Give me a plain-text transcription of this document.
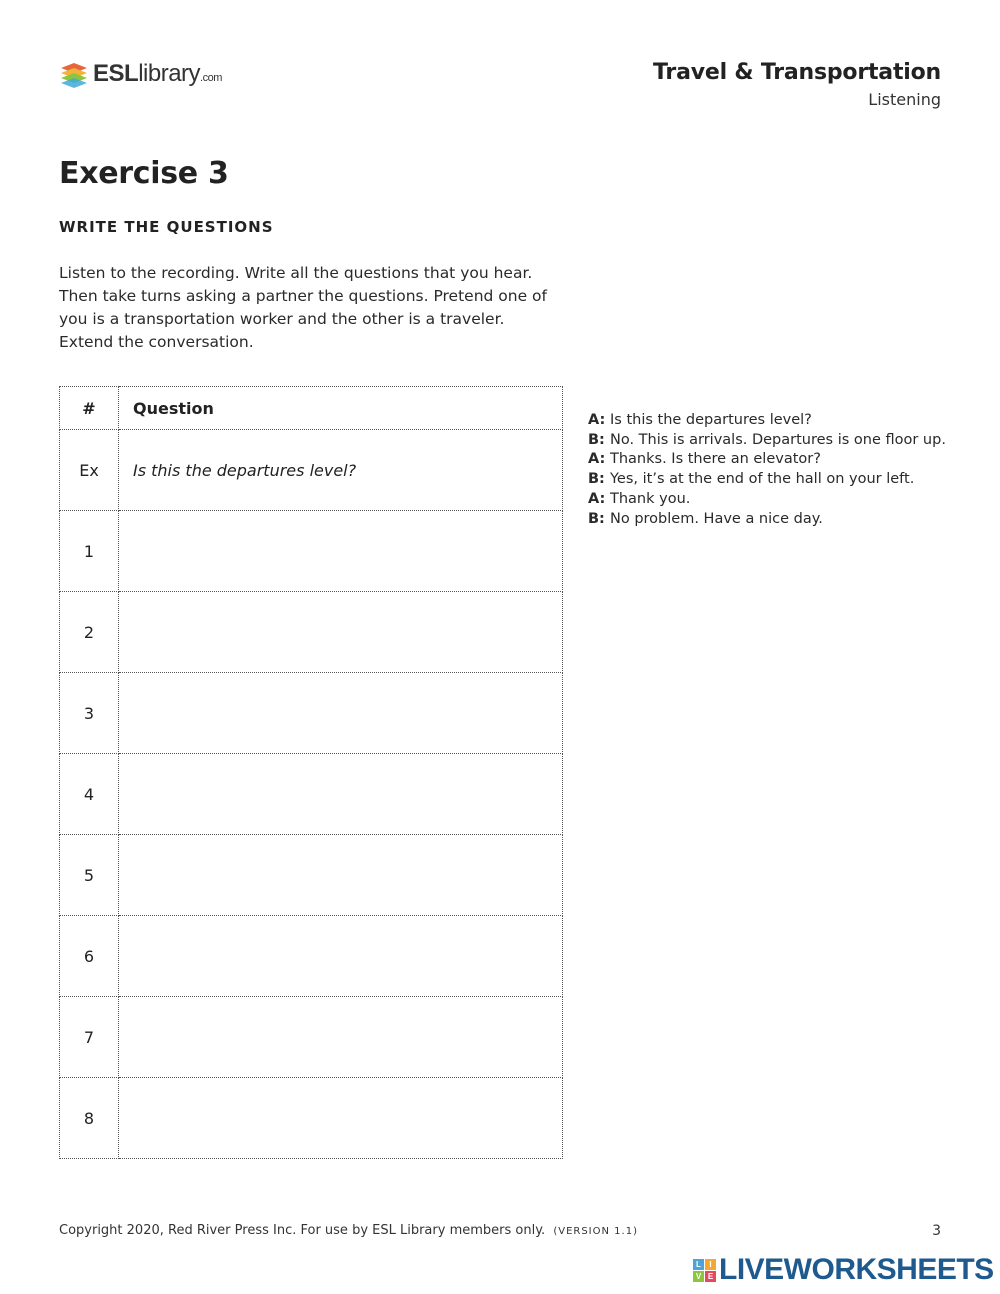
ESLlibrary.com	Travel & Transportation
Listening
Exercise 3
WRITE THE QUESTIONS
Listen to the recording. Write all the questions that you hear. Then take turns asking a partner the questions. Pretend one of you is a transportation worker and the other is a traveler. Extend the conversation.
#	Question
Ex	Is this the departures level?
1	
2	
3	
4	
5	
6	
7	
8	
A: Is this the departures level?
B: No. This is arrivals. Departures is one floor up.
A: Thanks. Is there an elevator?
B: Yes, it’s at the end of the hall on your left.
A: Thank you.
B: No problem. Have a nice day.
Copyright 2020, Red River Press Inc. For use by ESL Library members only. (VERSION 1.1)	3
L	I
V E LIVEWORKSHEETS
